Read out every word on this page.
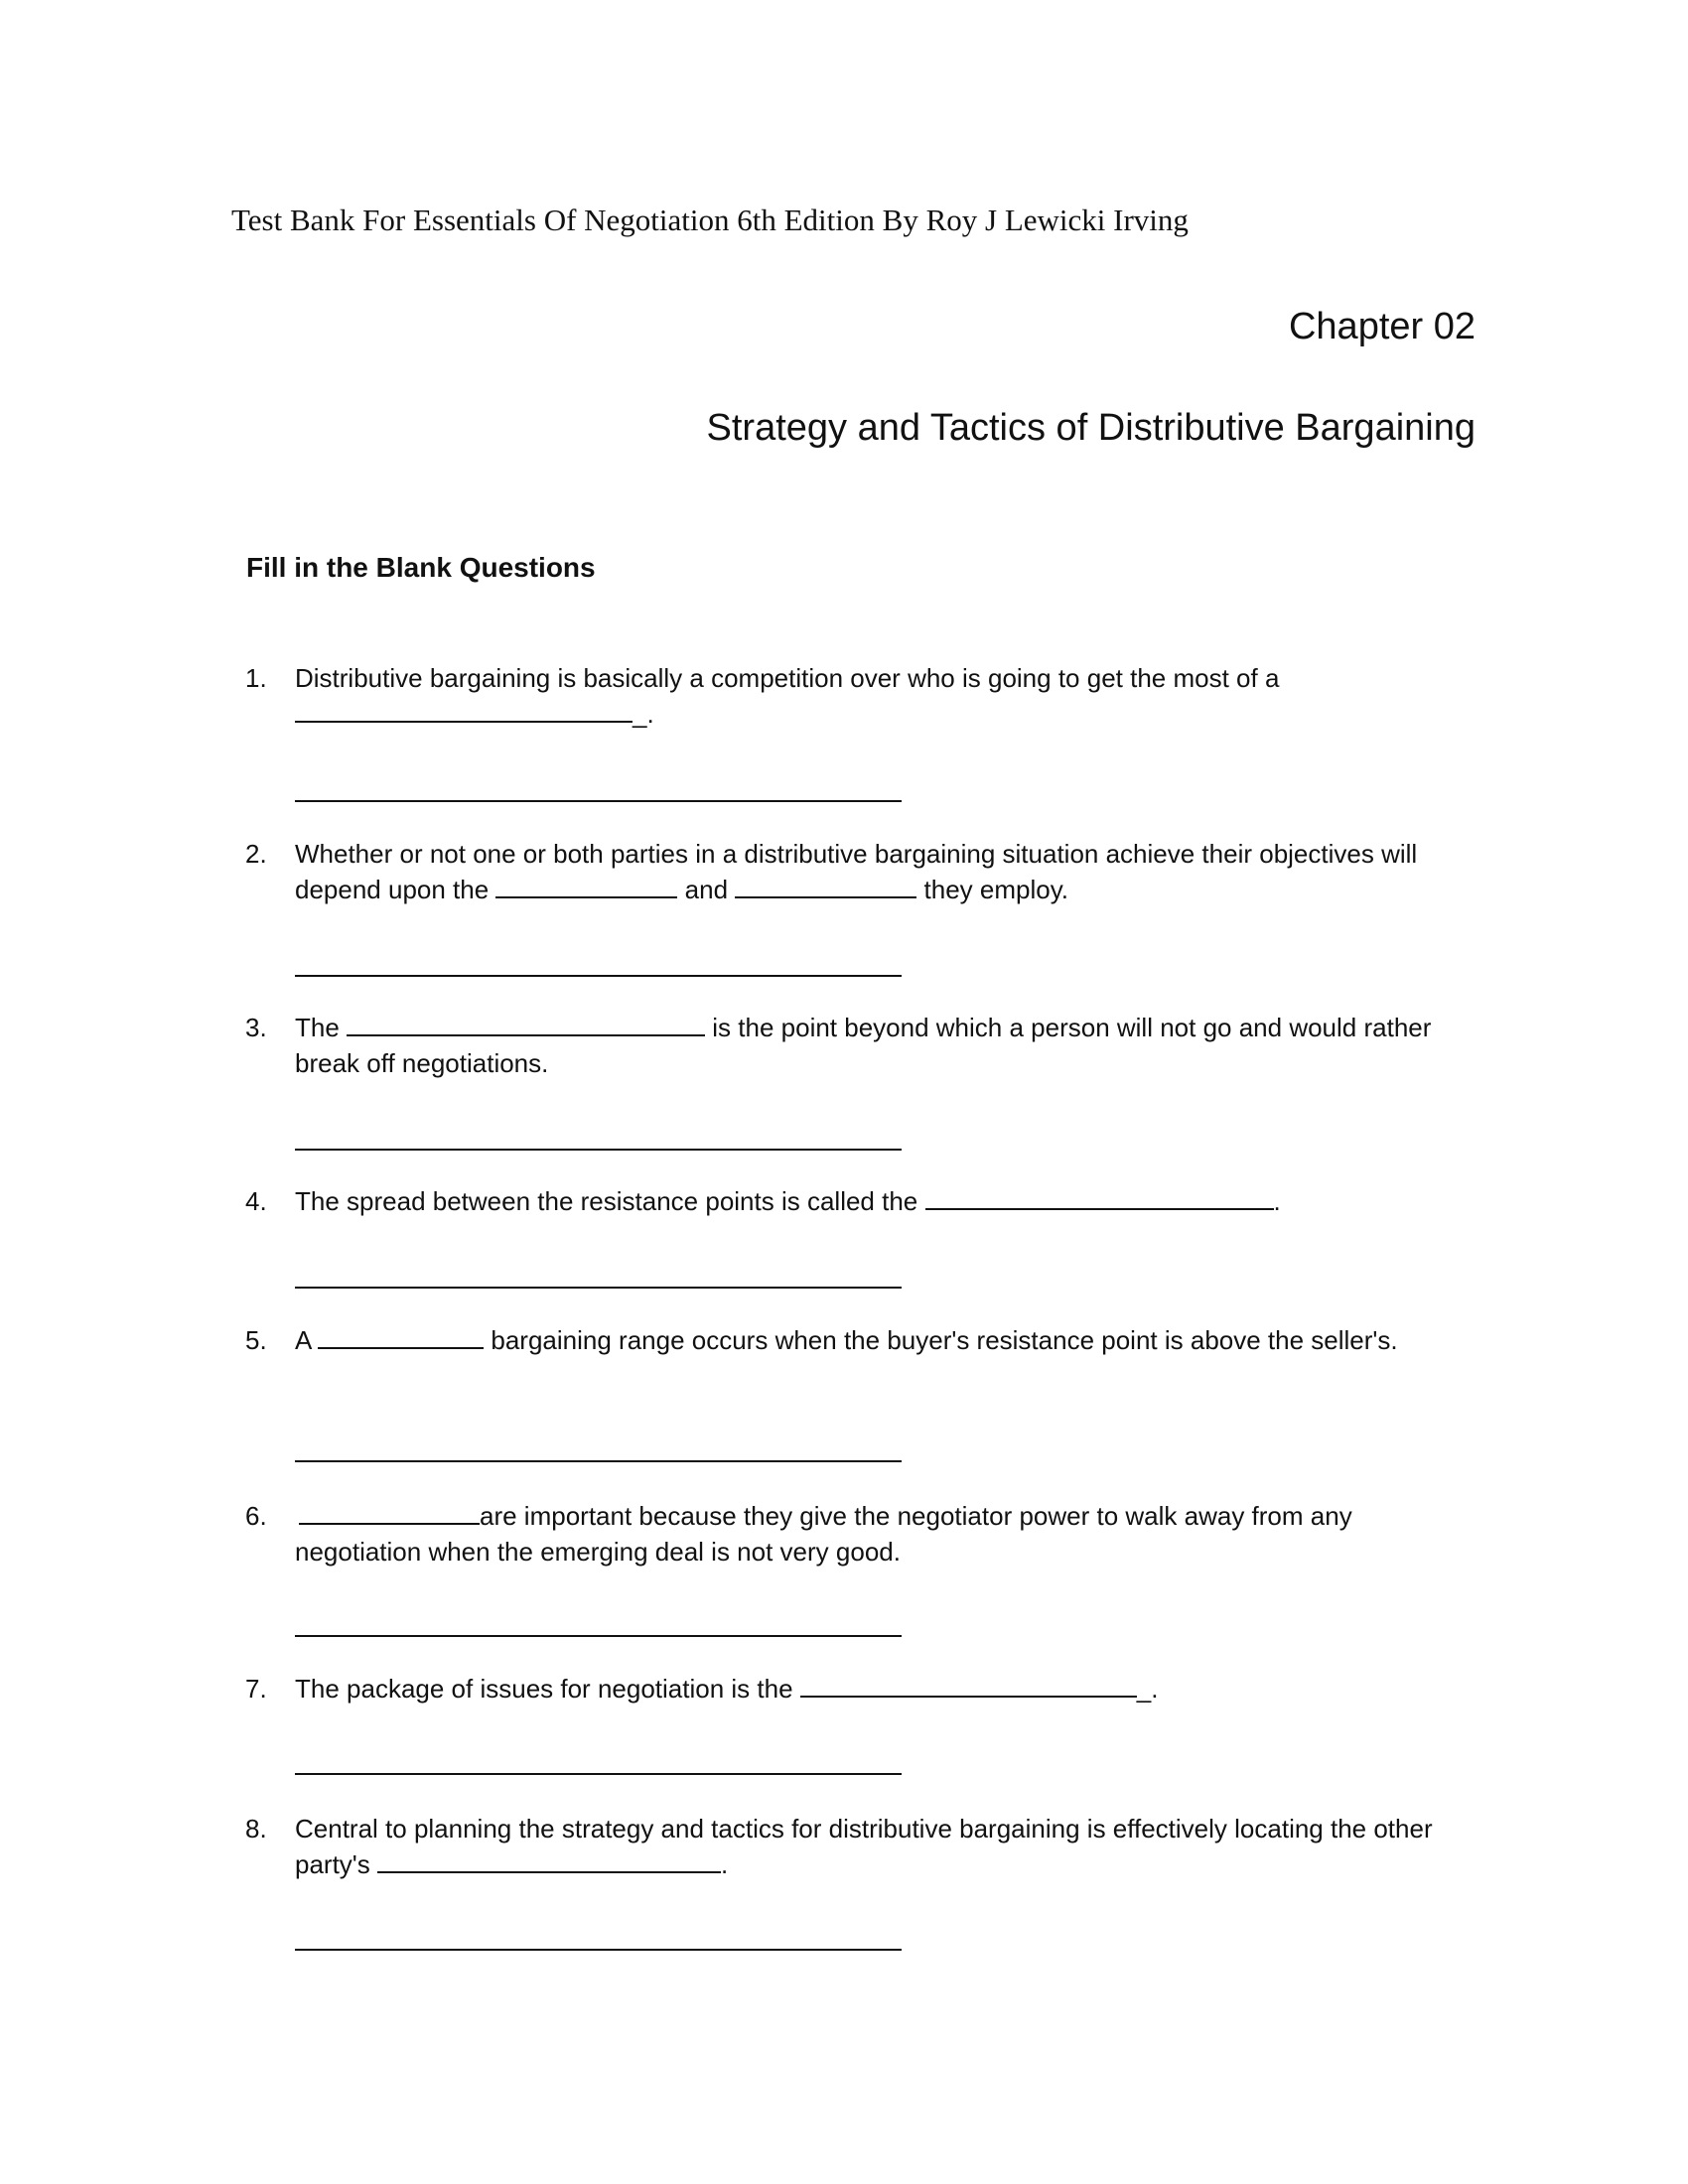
Test Bank For Essentials Of Negotiation 6th Edition By Roy J Lewicki Irving
Chapter 02
Strategy and Tactics of Distributive Bargaining
Fill in the Blank Questions
1. Distributive bargaining is basically a competition over who is going to get the most of a
_.
2. Whether or not one or both parties in a distributive bargaining situation achieve their objectives will depend upon the	and	they employ.
3. The	is the point beyond which a person will not go and would rather break off negotiations.
4. The spread between the resistance points is called the	.
5. A	bargaining range occurs when the buyer's resistance point is above the seller's.
6.	are important because they give the negotiator power to walk away from any negotiation when the emerging deal is not very good.
7. The package of issues for negotiation is the	_.
8. Central to planning the strategy and tactics for distributive bargaining is effectively locating the other party's	.
